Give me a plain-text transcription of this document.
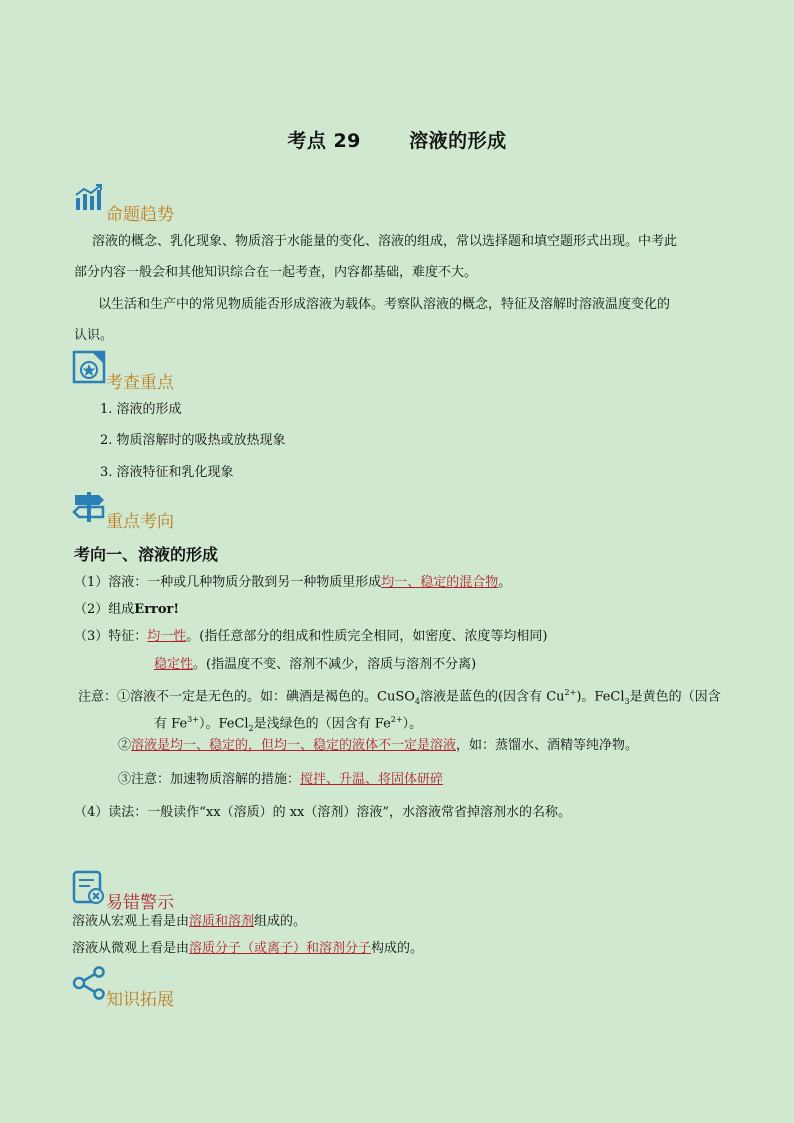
考点 29	溶液的形成
命题趋势
溶液的概念、乳化现象、物质溶于水能量的变化、溶液的组成，常以选择题和填空题形式出现。中考此
部分内容一般会和其他知识综合在一起考查，内容都基础，难度不大。
以生活和生产中的常见物质能否形成溶液为载体。考察队溶液的概念，特征及溶解时溶液温度变化的
认识。
考查重点
1. 溶液的形成
2. 物质溶解时的吸热或放热现象
3. 溶液特征和乳化现象
重点考向
考向一、溶液的形成
（1）溶液：一种或几种物质分散到另一种物质里形成均一、稳定的混合物。
（2）组成Error!
（3）特征：均一性。(指任意部分的组成和性质完全相同，如密度、浓度等均相同)
稳定性。(指温度不变、溶剂不减少，溶质与溶剂不分离)
注意：①溶液不一定是无色的。如：碘酒是褐色的。CuSO$_4$溶液是蓝色的(因含有 $Cu^{2+}$)。FeCl$_3$是黄色的（因含
有 $Fe^{3+}$）。FeCl$_2$是浅绿色的（因含有 $Fe^{2+}$）。
②溶液是均一、稳定的，但均一、稳定的液体不一定是溶液，如：蒸馏水、酒精等纯净物。
③注意：加速物质溶解的措施：搅拌、升温、将固体研碎
（4）读法：一般读作“xx（溶质）的 xx（溶剂）溶液”，水溶液常省掉溶剂水的名称。
易错警示
溶液从宏观上看是由溶质和溶剂组成的。
溶液从微观上看是由溶质分子（或离子）和溶剂分子构成的。
知识拓展
